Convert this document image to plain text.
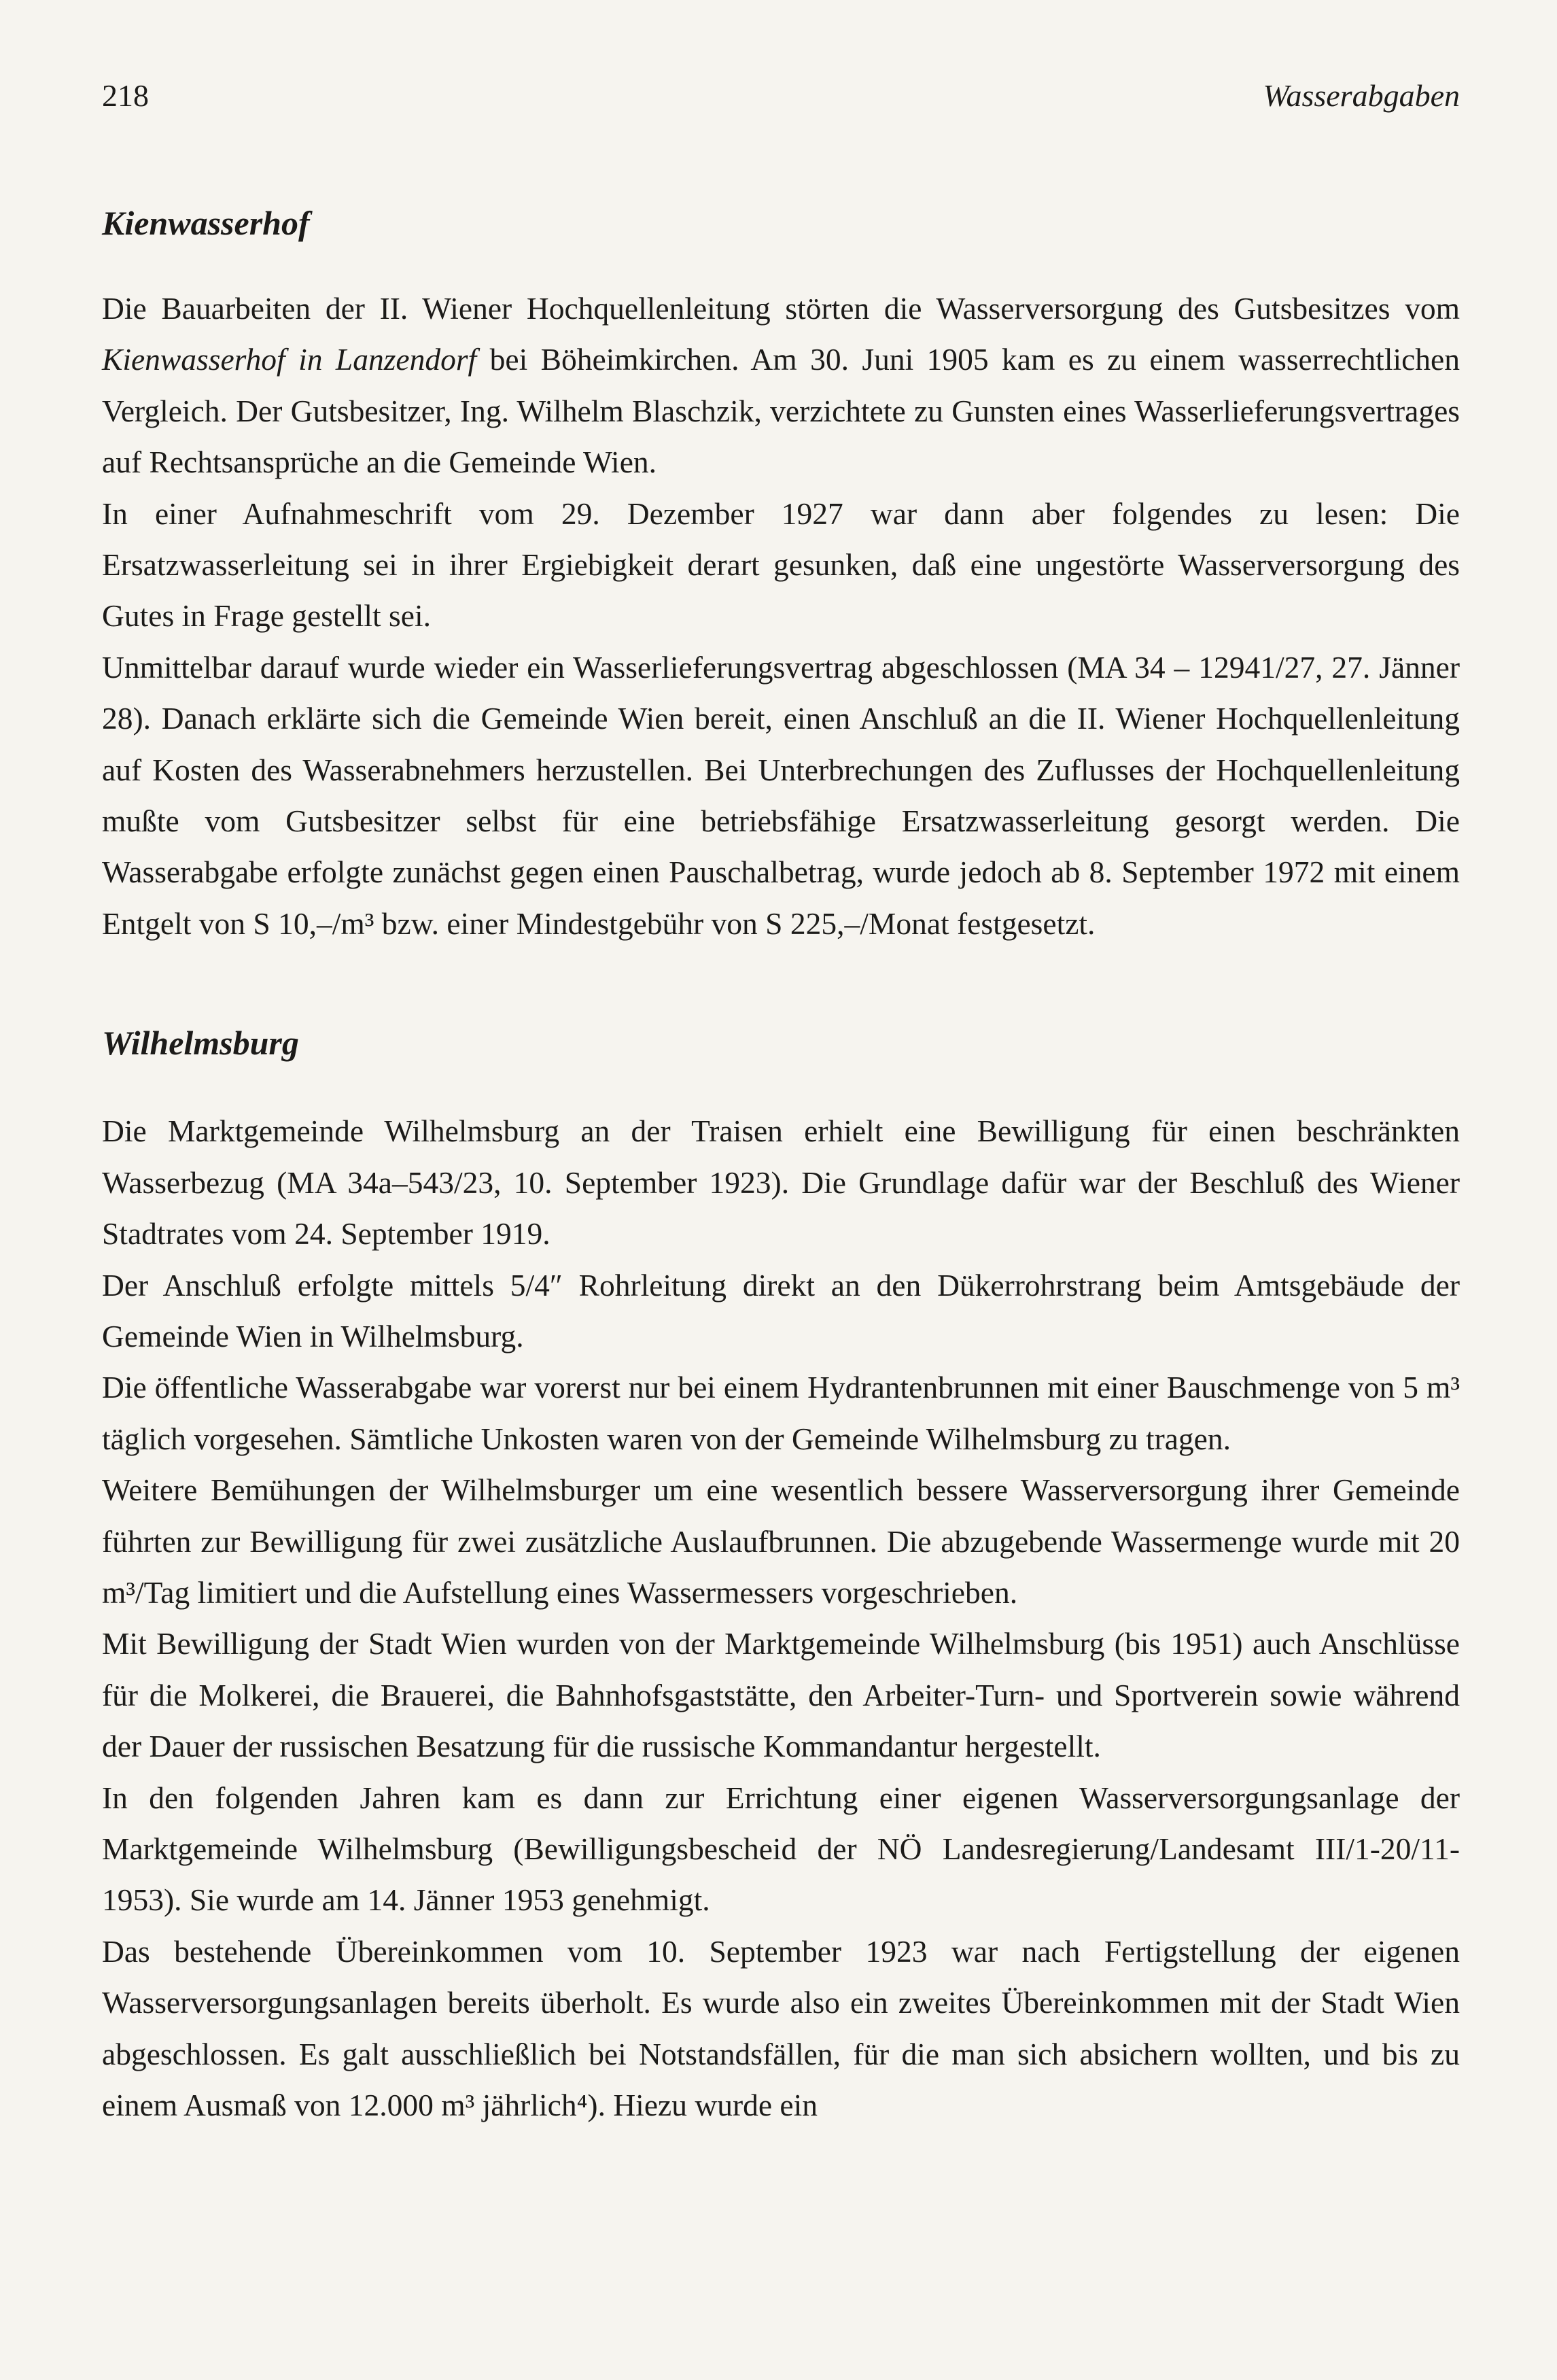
218	Wasserabgaben
Kienwasserhof

Die Bauarbeiten der II. Wiener Hochquellenleitung störten die Wasserversorgung des Gutsbesitzes vom Kienwasserhof in Lanzendorf bei Böheimkirchen. Am 30. Juni 1905 kam es zu einem wasserrechtlichen Vergleich. Der Gutsbesitzer, Ing. Wilhelm Blaschzik, verzichtete zu Gunsten eines Wasserlieferungsvertrages auf Rechtsansprüche an die Gemeinde Wien.

In einer Aufnahmeschrift vom 29. Dezember 1927 war dann aber folgendes zu lesen: Die Ersatzwasserleitung sei in ihrer Ergiebigkeit derart gesunken, daß eine ungestörte Wasserversorgung des Gutes in Frage gestellt sei.

Unmittelbar darauf wurde wieder ein Wasserlieferungsvertrag abgeschlossen (MA 34 – 12941/27, 27. Jänner 28). Danach erklärte sich die Gemeinde Wien bereit, einen Anschluß an die II. Wiener Hochquellenleitung auf Kosten des Wasserabnehmers herzustellen. Bei Unterbrechungen des Zuflusses der Hochquellenleitung mußte vom Gutsbesitzer selbst für eine betriebsfähige Ersatzwasserleitung gesorgt werden. Die Wasserabgabe erfolgte zunächst gegen einen Pauschalbetrag, wurde jedoch ab 8. September 1972 mit einem Entgelt von S 10,–/m³ bzw. einer Mindestgebühr von S 225,–/Monat festgesetzt.

Wilhelmsburg

Die Marktgemeinde Wilhelmsburg an der Traisen erhielt eine Bewilligung für einen beschränkten Wasserbezug (MA 34a–543/23, 10. September 1923). Die Grundlage dafür war der Beschluß des Wiener Stadtrates vom 24. September 1919.

Der Anschluß erfolgte mittels 5/4″ Rohrleitung direkt an den Dükerrohrstrang beim Amtsgebäude der Gemeinde Wien in Wilhelmsburg.

Die öffentliche Wasserabgabe war vorerst nur bei einem Hydrantenbrunnen mit einer Bauschmenge von 5 m³ täglich vorgesehen. Sämtliche Unkosten waren von der Gemeinde Wilhelmsburg zu tragen.

Weitere Bemühungen der Wilhelmsburger um eine wesentlich bessere Wasserversorgung ihrer Gemeinde führten zur Bewilligung für zwei zusätzliche Auslaufbrunnen. Die abzugebende Wassermenge wurde mit 20 m³/Tag limitiert und die Aufstellung eines Wassermessers vorgeschrieben.

Mit Bewilligung der Stadt Wien wurden von der Marktgemeinde Wilhelmsburg (bis 1951) auch Anschlüsse für die Molkerei, die Brauerei, die Bahnhofsgaststätte, den Arbeiter-Turn- und Sportverein sowie während der Dauer der russischen Besatzung für die russische Kommandantur hergestellt.

In den folgenden Jahren kam es dann zur Errichtung einer eigenen Wasserversorgungsanlage der Marktgemeinde Wilhelmsburg (Bewilligungsbescheid der NÖ Landesregierung/Landesamt III/1-20/11-1953). Sie wurde am 14. Jänner 1953 genehmigt.

Das bestehende Übereinkommen vom 10. September 1923 war nach Fertigstellung der eigenen Wasserversorgungsanlagen bereits überholt. Es wurde also ein zweites Übereinkommen mit der Stadt Wien abgeschlossen. Es galt ausschließlich bei Notstandsfällen, für die man sich absichern wollten, und bis zu einem Ausmaß von 12.000 m³ jährlich⁴). Hiezu wurde ein
